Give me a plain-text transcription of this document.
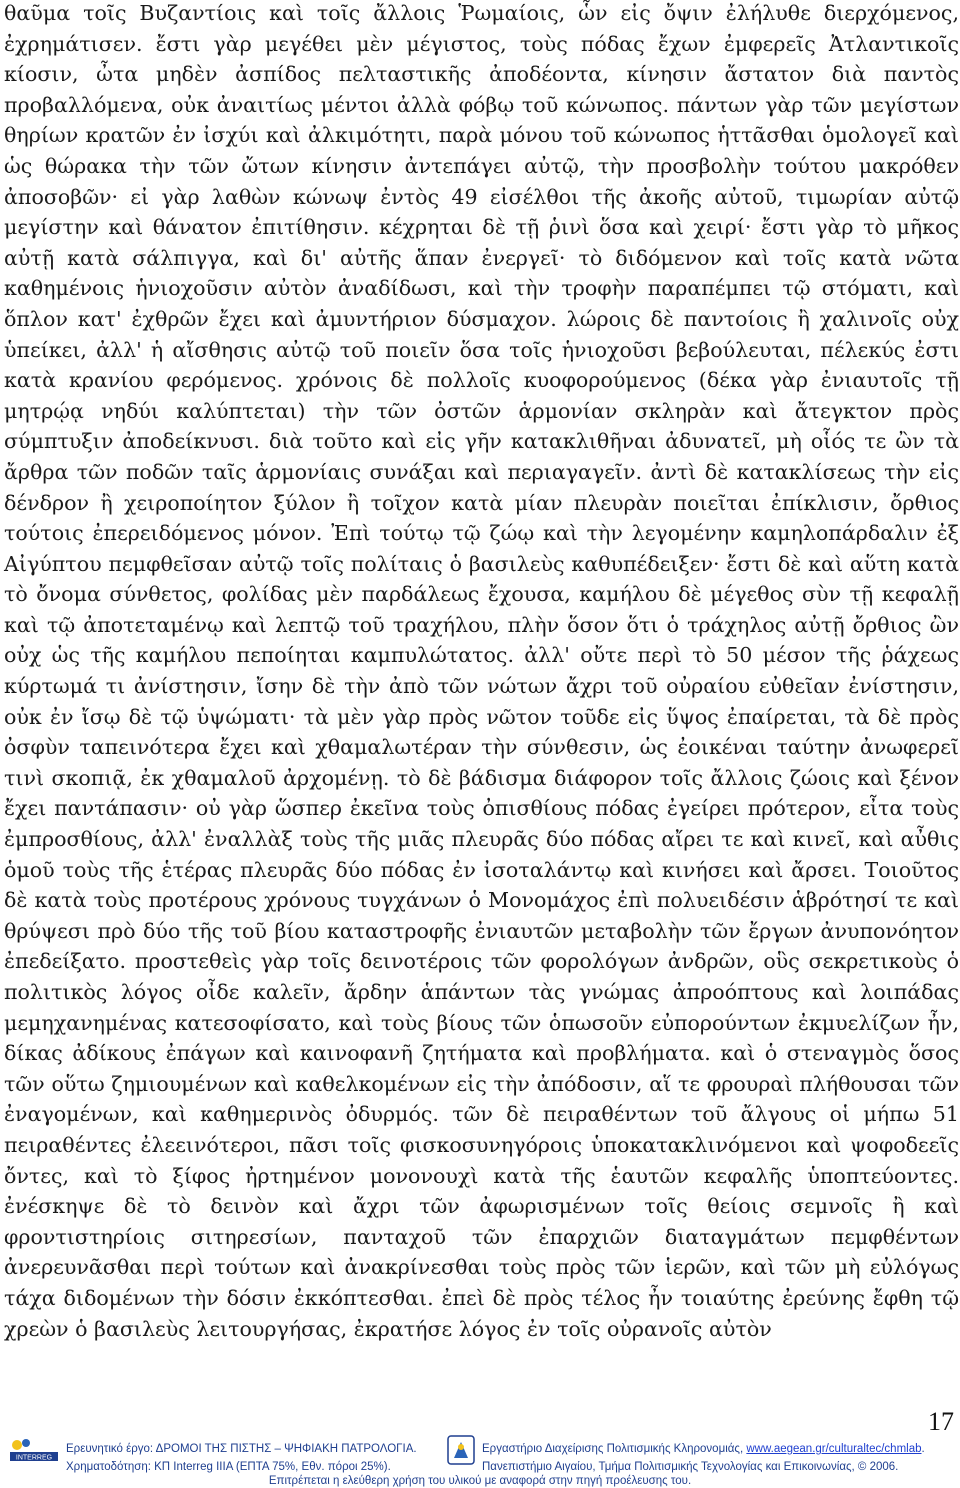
θαῦμα τοῖς Βυζαντίοις καὶ τοῖς ἄλλοις Ῥωμαίοις, ὧν εἰς ὄψιν ἐλήλυθε διερχόμενος, ἐχρημάτισεν. ἔστι γὰρ μεγέθει μὲν μέγιστος, τοὺς πόδας ἔχων ἐμφερεῖς Ἀτλαντικοῖς κίοσιν, ὦτα μηδὲν ἀσπίδος πελταστικῆς ἀποδέοντα, κίνησιν ἄστατον διὰ παντὸς προβαλλόμενα, οὐκ ἀναιτίως μέντοι ἀλλὰ φόβῳ τοῦ κώνωπος. πάντων γὰρ τῶν μεγίστων θηρίων κρατῶν ἐν ἰσχύι καὶ ἀλκιμότητι, παρὰ μόνου τοῦ κώνωπος ἡττᾶσθαι ὁμολογεῖ καὶ ὡς θώρακα τὴν τῶν ὤτων κίνησιν ἀντεπάγει αὐτῷ, τὴν προσβολὴν τούτου μακρόθεν ἀποσοβῶν· εἰ γὰρ λαθὼν κώνωψ ἐντὸς 49 εἰσέλθοι τῆς ἀκοῆς αὐτοῦ, τιμωρίαν αὐτῷ μεγίστην καὶ θάνατον ἐπιτίθησιν. κέχρηται δὲ τῇ ῥινὶ ὅσα καὶ χειρί· ἔστι γὰρ τὸ μῆκος αὐτῇ κατὰ σάλπιγγα, καὶ δι' αὐτῆς ἅπαν ἐνεργεῖ· τὸ διδόμενον καὶ τοῖς κατὰ νῶτα καθημένοις ἡνιοχοῦσιν αὐτὸν ἀναδίδωσι, καὶ τὴν τροφὴν παραπέμπει τῷ στόματι, καὶ ὅπλον κατ' ἐχθρῶν ἔχει καὶ ἀμυντήριον δύσμαχον. λώροις δὲ παντοίοις ἢ χαλινοῖς οὐχ ὑπείκει, ἀλλ' ἡ αἴσθησις αὐτῷ τοῦ ποιεῖν ὅσα τοῖς ἡνιοχοῦσι βεβούλευται, πέλεκύς ἐστι κατὰ κρανίου φερόμενος. χρόνοις δὲ πολλοῖς κυοφορούμενος (δέκα γὰρ ἐνιαυτοῖς τῇ μητρῴᾳ νηδύι καλύπτεται) τὴν τῶν ὀστῶν ἁρμονίαν σκληρὰν καὶ ἄτεγκτον πρὸς σύμπτυξιν ἀποδείκνυσι. διὰ τοῦτο καὶ εἰς γῆν κατακλιθῆναι ἀδυνατεῖ, μὴ οἷός τε ὢν τὰ ἄρθρα τῶν ποδῶν ταῖς ἁρμονίαις συνάξαι καὶ περιαγαγεῖν. ἀντὶ δὲ κατακλίσεως τὴν εἰς δένδρον ἢ χειροποίητον ξύλον ἢ τοῖχον κατὰ μίαν πλευρὰν ποιεῖται ἐπίκλισιν, ὄρθιος τούτοις ἐπερειδόμενος μόνον. Ἐπὶ τούτῳ τῷ ζώῳ καὶ τὴν λεγομένην καμηλοπάρδαλιν ἐξ Αἰγύπτου πεμφθεῖσαν αὐτῷ τοῖς πολίταις ὁ βασιλεὺς καθυπέδειξεν· ἔστι δὲ καὶ αὕτη κατὰ τὸ ὄνομα σύνθετος, φολίδας μὲν παρδάλεως ἔχουσα, καμήλου δὲ μέγεθος σὺν τῇ κεφαλῇ καὶ τῷ ἀποτεταμένῳ καὶ λεπτῷ τοῦ τραχήλου, πλὴν ὅσον ὅτι ὁ τράχηλος αὐτῇ ὄρθιος ὢν οὐχ ὡς τῆς καμήλου πεποίηται καμπυλώτατος. ἀλλ' οὔτε περὶ τὸ 50 μέσον τῆς ῥάχεως κύρτωμά τι ἀνίστησιν, ἴσην δὲ τὴν ἀπὸ τῶν νώτων ἄχρι τοῦ οὐραίου εὐθεῖαν ἐνίστησιν, οὐκ ἐν ἴσῳ δὲ τῷ ὑψώματι· τὰ μὲν γὰρ πρὸς νῶτον τοῦδε εἰς ὕψος ἐπαίρεται, τὰ δὲ πρὸς ὀσφὺν ταπεινότερα ἔχει καὶ χθαμαλωτέραν τὴν σύνθεσιν, ὡς ἐοικέναι ταύτην ἀνωφερεῖ τινὶ σκοπιᾷ, ἐκ χθαμαλοῦ ἀρχομένῃ. τὸ δὲ βάδισμα διάφορον τοῖς ἄλλοις ζώοις καὶ ξένον ἔχει παντάπασιν· οὐ γὰρ ὥσπερ ἐκεῖνα τοὺς ὀπισθίους πόδας ἐγείρει πρότερον, εἶτα τοὺς ἐμπροσθίους, ἀλλ' ἐναλλὰξ τοὺς τῆς μιᾶς πλευρᾶς δύο πόδας αἴρει τε καὶ κινεῖ, καὶ αὖθις ὁμοῦ τοὺς τῆς ἑτέρας πλευρᾶς δύο πόδας ἐν ἰσοταλάντῳ καὶ κινήσει καὶ ἄρσει. Τοιοῦτος δὲ κατὰ τοὺς προτέρους χρόνους τυγχάνων ὁ Μονομάχος ἐπὶ πολυειδέσιν ἁβρότησί τε καὶ θρύψεσι πρὸ δύο τῆς τοῦ βίου καταστροφῆς ἐνιαυτῶν μεταβολὴν τῶν ἔργων ἀνυπονόητον ἐπεδείξατο. προστεθεὶς γὰρ τοῖς δεινοτέροις τῶν φορολόγων ἀνδρῶν, οὓς σεκρετικοὺς ὁ πολιτικὸς λόγος οἶδε καλεῖν, ἄρδην ἁπάντων τὰς γνώμας ἀπροόπτους καὶ λοιπάδας μεμηχανημένας κατεσοφίσατο, καὶ τοὺς βίους τῶν ὁπωσοῦν εὐπορούντων ἐκμυελίζων ἦν, δίκας ἀδίκους ἐπάγων καὶ καινοφανῆ ζητήματα καὶ προβλήματα. καὶ ὁ στεναγμὸς ὅσος τῶν οὕτω ζημιουμένων καὶ καθελκομένων εἰς τὴν ἀπόδοσιν, αἵ τε φρουραὶ πλήθουσαι τῶν ἐναγομένων, καὶ καθημερινὸς ὀδυρμός. τῶν δὲ πειραθέντων τοῦ ἄλγους οἱ μήπω 51 πειραθέντες ἐλεεινότεροι, πᾶσι τοῖς φισκοσυνηγόροις ὑποκατακλινόμενοι καὶ ψοφοδεεῖς ὄντες, καὶ τὸ ξίφος ἠρτημένον μονονουχὶ κατὰ τῆς ἑαυτῶν κεφαλῆς ὑποπτεύοντες. ἐνέσκηψε δὲ τὸ δεινὸν καὶ ἄχρι τῶν ἀφωρισμένων τοῖς θείοις σεμνοῖς ἢ καὶ φροντιστηρίοις σιτηρεσίων, πανταχοῦ τῶν ἐπαρχιῶν διαταγμάτων πεμφθέντων ἀνερευνᾶσθαι περὶ τούτων καὶ ἀνακρίνεσθαι τοὺς πρὸς τῶν ἱερῶν, καὶ τῶν μὴ εὐλόγως τάχα διδομένων τὴν δόσιν ἐκκόπτεσθαι. ἐπεὶ δὲ πρὸς τέλος ἦν τοιαύτης ἐρεύνης ἔφθη τῷ χρεὼν ὁ βασιλεὺς λειτουργήσας, ἐκρατήσε λόγος ἐν τοῖς οὐρανοῖς αὐτὸν

17
INTERREG
Ερευνητικό έργο: ΔΡΟΜΟΙ ΤΗΣ ΠΙΣΤΗΣ – ΨΗΦΙΑΚΗ ΠΑΤΡΟΛΟΓΙΑ.
Χρηματοδότηση: ΚΠ Interreg IIIA (ΕΠΤΑ 75%, Εθν. πόροι 25%).
Εργαστήριο Διαχείρισης Πολιτισμικής Κληρονομιάς, www.aegean.gr/culturaltec/chmlab.
Πανεπιστήμιο Αιγαίου, Τμήμα Πολιτισμικής Τεχνολογίας και Επικοινωνίας, © 2006.
Επιτρέπεται η ελεύθερη χρήση του υλικού με αναφορά στην πηγή προέλευσης του.
